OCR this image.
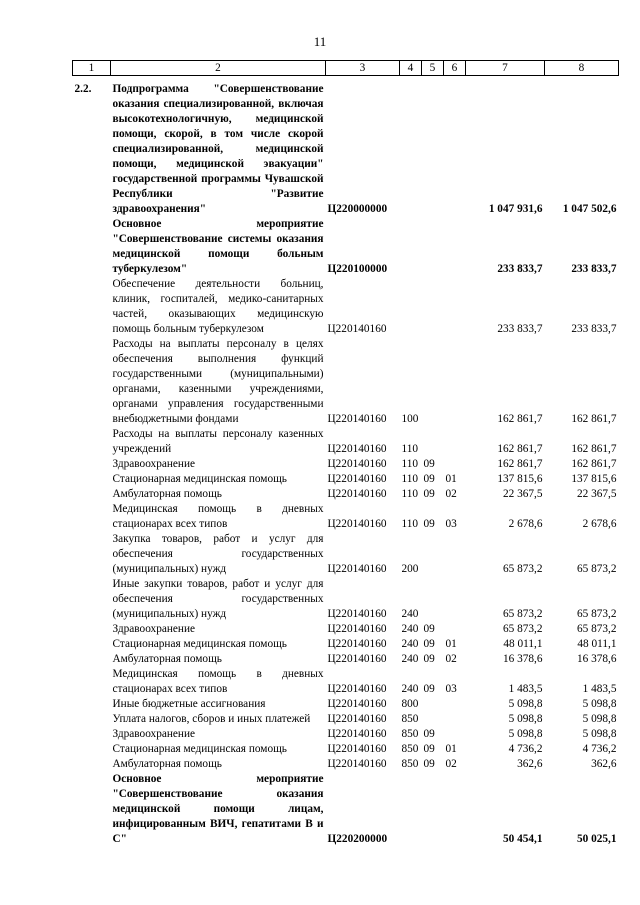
11
1	2	3	4	5	6	7	8
2.2.	Подпрограмма "Совершенствование оказания специализированной, включая высокотехнологичную, медицинской помощи, скорой, в том числе скорой специализированной, медицинской помощи, медицинской эвакуации" государственной программы Чувашской Республики "Развитие здравоохранения"	Ц220000000				1 047 931,6	1 047 502,6
	Основное мероприятие "Совершенствование системы оказания медицинской помощи больным туберкулезом"	Ц220100000				233 833,7	233 833,7
	Обеспечение деятельности больниц, клиник, госпиталей, медико-санитарных частей, оказывающих медицинскую помощь больным туберкулезом	Ц220140160				233 833,7	233 833,7
	Расходы на выплаты персоналу в целях обеспечения выполнения функций государственными (муниципальными) органами, казенными учреждениями, органами управления государственными внебюджетными фондами	Ц220140160	100			162 861,7	162 861,7
	Расходы на выплаты персоналу казенных учреждений	Ц220140160	110			162 861,7	162 861,7
	Здравоохранение	Ц220140160	110	09		162 861,7	162 861,7
	Стационарная медицинская помощь	Ц220140160	110	09	01	137 815,6	137 815,6
	Амбулаторная помощь	Ц220140160	110	09	02	22 367,5	22 367,5
	Медицинская помощь в дневных стационарах всех типов	Ц220140160	110	09	03	2 678,6	2 678,6
	Закупка товаров, работ и услуг для обеспечения государственных (муниципальных) нужд	Ц220140160	200			65 873,2	65 873,2
	Иные закупки товаров, работ и услуг для обеспечения государственных (муниципальных) нужд	Ц220140160	240			65 873,2	65 873,2
	Здравоохранение	Ц220140160	240	09		65 873,2	65 873,2
	Стационарная медицинская помощь	Ц220140160	240	09	01	48 011,1	48 011,1
	Амбулаторная помощь	Ц220140160	240	09	02	16 378,6	16 378,6
	Медицинская помощь в дневных стационарах всех типов	Ц220140160	240	09	03	1 483,5	1 483,5
	Иные бюджетные ассигнования	Ц220140160	800			5 098,8	5 098,8
	Уплата налогов, сборов и иных платежей	Ц220140160	850			5 098,8	5 098,8
	Здравоохранение	Ц220140160	850	09		5 098,8	5 098,8
	Стационарная медицинская помощь	Ц220140160	850	09	01	4 736,2	4 736,2
	Амбулаторная помощь	Ц220140160	850	09	02	362,6	362,6
	Основное мероприятие "Совершенствование оказания медицинской помощи лицам, инфицированным ВИЧ, гепатитами B и C"	Ц220200000				50 454,1	50 025,1
